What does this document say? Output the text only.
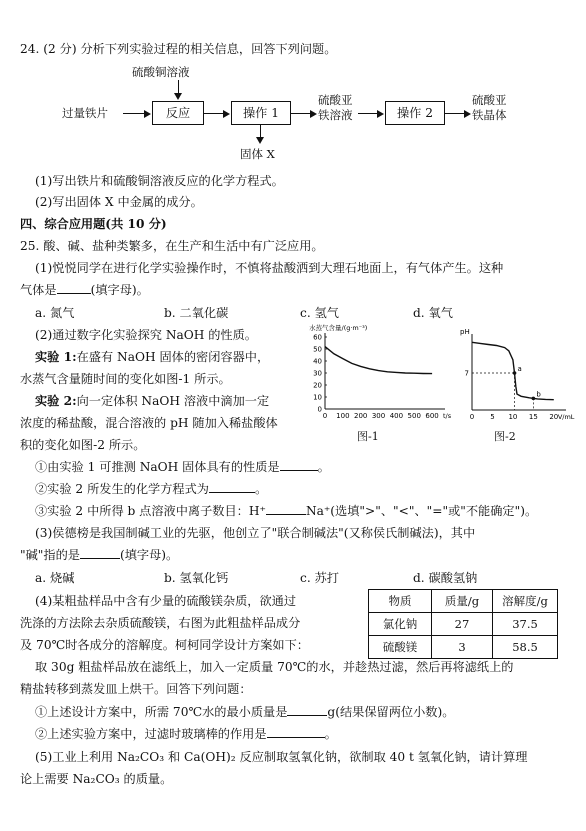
24. (2 分) 分析下列实验过程的相关信息，回答下列问题。
硫酸铜溶液
过量铁片	反应	操作 1
硫酸亚
铁溶液	操作 2
硫酸亚
铁晶体
固体 X
(1)写出铁片和硫酸铜溶液反应的化学方程式。
(2)写出固体 X 中金属的成分。
四、综合应用题(共 10 分)
25. 酸、碱、盐种类繁多，在生产和生活中有广泛应用。
(1)悦悦同学在进行化学实验操作时，不慎将盐酸洒到大理石地面上，有气体产生。这种
气体是	(填字母)。
a. 氮气	b. 二氧化碳	c. 氢气	d. 氧气
(2)通过数字化实验探究 NaOH 的性质。
实验 1:在盛有 NaOH 固体的密闭容器中，
水蒸气含量随时间的变化如图-1 所示。
实验 2:向一定体积 NaOH 溶液中滴加一定
浓度的稀盐酸，混合溶液的 pH 随加入稀盐酸体
积的变化如图-2 所示。
水蒸气含量/(g·m⁻³)
0
10
20
30
40
50
60
0 100 200 300 400 500 600 t/s
pH
7
0 5 10 15 20 V/mL
a
b
图-1	图-2
①由实验 1 可推测 NaOH 固体具有的性质是	。
②实验 2 所发生的化学方程式为	。
③实验 2 中所得 b 点溶液中离子数目：H⁺	Na⁺(选填">"、"<"、"="或"不能确定")。
(3)侯德榜是我国制碱工业的先驱，他创立了"联合制碱法"(又称侯氏制碱法)，其中
"碱"指的是	(填字母)。
a. 烧碱	b. 氢氧化钙	c. 苏打	d. 碳酸氢钠
(4)某粗盐样品中含有少量的硫酸镁杂质，欲通过
洗涤的方法除去杂质硫酸镁，右图为此粗盐样品成分
及 70℃时各成分的溶解度。柯柯同学设计方案如下：
物质	质量/g	溶解度/g
氯化钠	27	37.5
硫酸镁	3	58.5
取 30g 粗盐样品放在滤纸上，加入一定质量 70℃的水，并趁热过滤，然后再将滤纸上的
精盐转移到蒸发皿上烘干。回答下列问题：
①上述设计方案中，所需 70℃水的最小质量是	g(结果保留两位小数)。
②上述实验方案中，过滤时玻璃棒的作用是	。
(5)工业上利用 Na₂CO₃ 和 Ca(OH)₂ 反应制取氢氧化钠，欲制取 40 t 氢氧化钠，请计算理
论上需要 Na₂CO₃ 的质量。
